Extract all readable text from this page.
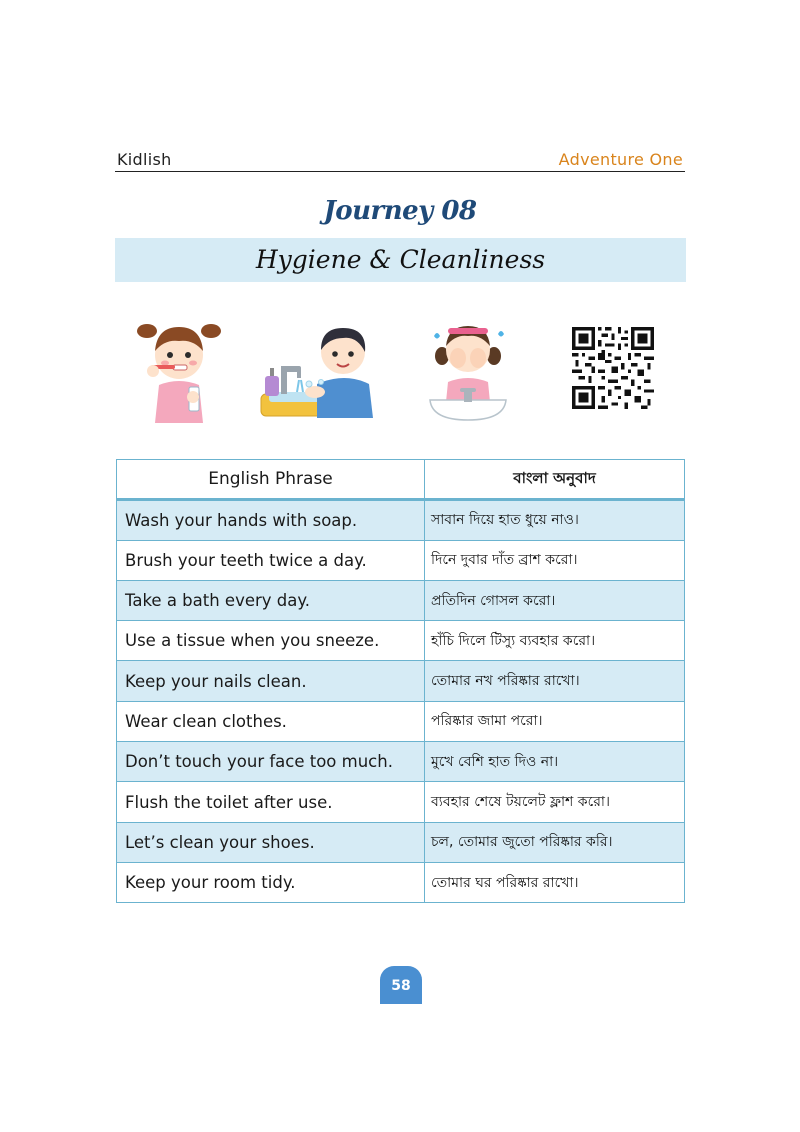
Kidlish	Adventure One
Journey 08
Hygiene & Cleanliness
English Phrase	বাংলা অনুবাদ
Wash your hands with soap.	সাবান দিয়ে হাত ধুয়ে নাও।
Brush your teeth twice a day.	দিনে দুবার দাঁত ব্রাশ করো।
Take a bath every day.	প্রতিদিন গোসল করো।
Use a tissue when you sneeze.	হাঁচি দিলে টিস্যু ব্যবহার করো।
Keep your nails clean.	তোমার নখ পরিষ্কার রাখো।
Wear clean clothes.	পরিষ্কার জামা পরো।
Don’t touch your face too much.	মুখে বেশি হাত দিও না।
Flush the toilet after use.	ব্যবহার শেষে টয়লেট ফ্লাশ করো।
Let’s clean your shoes.	চল, তোমার জুতো পরিষ্কার করি।
Keep your room tidy.	তোমার ঘর পরিষ্কার রাখো।
58
